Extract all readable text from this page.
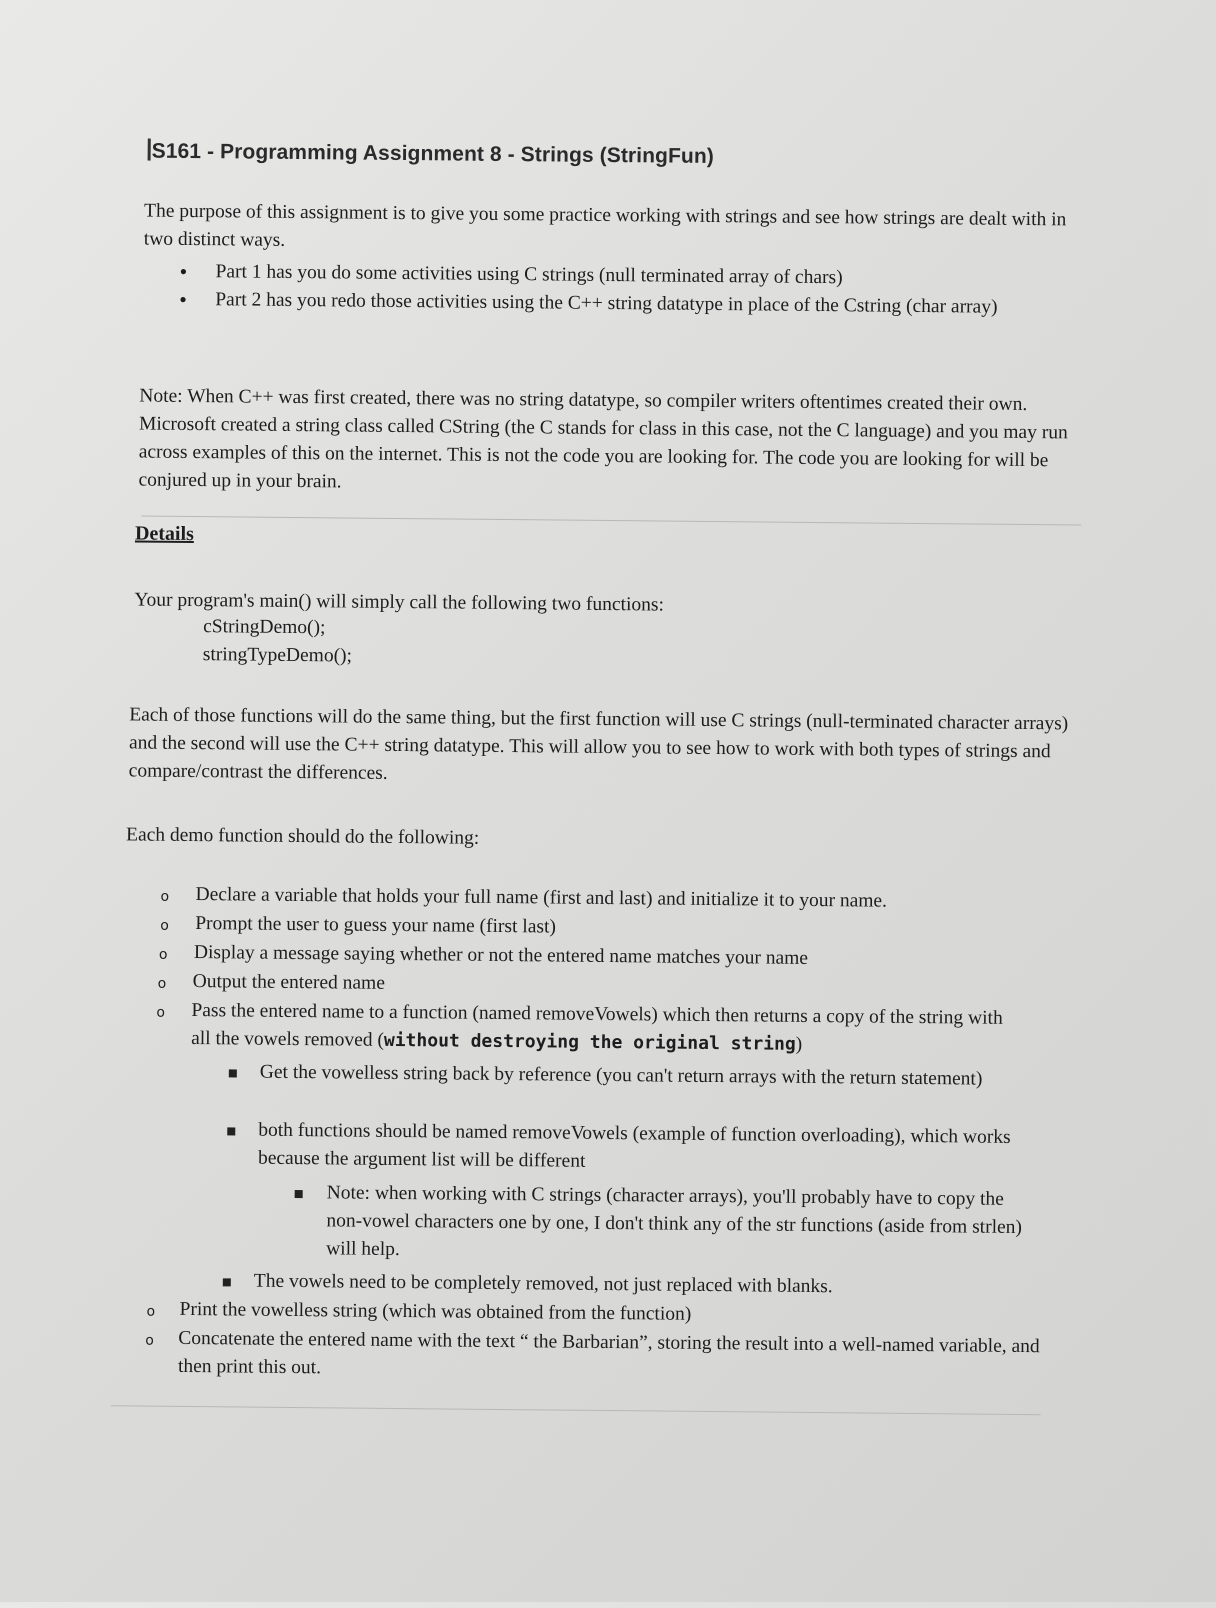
S161 - Programming Assignment 8 - Strings (StringFun)
The purpose of this assignment is to give you some practice working with strings and see how strings are dealt with in two distinct ways.
• Part 1 has you do some activities using C strings (null terminated array of chars)
• Part 2 has you redo those activities using the C++ string datatype in place of the Cstring (char array)
Note: When C++ was first created, there was no string datatype, so compiler writers oftentimes created their own. Microsoft created a string class called CString (the C stands for class in this case, not the C language) and you may run across examples of this on the internet. This is not the code you are looking for. The code you are looking for will be conjured up in your brain.
Details
Your program's main() will simply call the following two functions:
cStringDemo();
stringTypeDemo();
Each of those functions will do the same thing, but the first function will use C strings (null-terminated character arrays) and the second will use the C++ string datatype. This will allow you to see how to work with both types of strings and compare/contrast the differences.
Each demo function should do the following:
o Declare a variable that holds your full name (first and last) and initialize it to your name.
o Prompt the user to guess your name (first last)
o Display a message saying whether or not the entered name matches your name
o Output the entered name
o Pass the entered name to a function (named removeVowels) which then returns a copy of the string with all the vowels removed (without destroying the original string)
Get the vowelless string back by reference (you can't return arrays with the return statement)
both functions should be named removeVowels (example of function overloading), which works because the argument list will be different
Note: when working with C strings (character arrays), you'll probably have to copy the non-vowel characters one by one, I don't think any of the str functions (aside from strlen) will help.
The vowels need to be completely removed, not just replaced with blanks.
o Print the vowelless string (which was obtained from the function)
o Concatenate the entered name with the text “ the Barbarian”, storing the result into a well-named variable, and then print this out.
